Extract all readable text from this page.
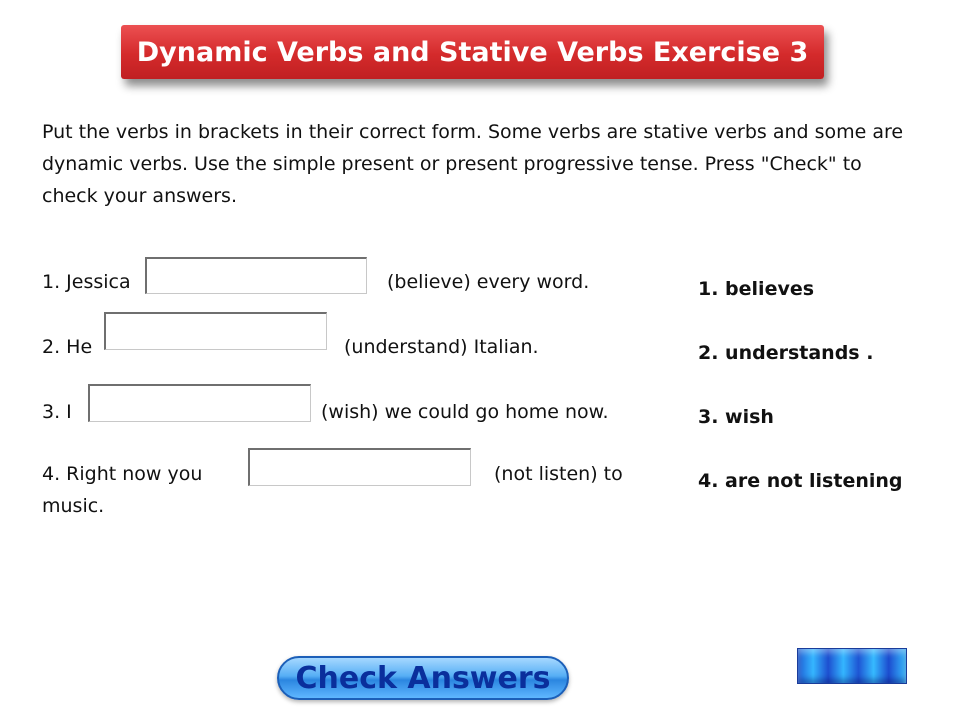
Dynamic Verbs and Stative Verbs Exercise 3

Put the verbs in brackets in their correct form. Some verbs are stative verbs and some are dynamic verbs. Use the simple present or present progressive tense. Press "Check" to check your answers.

1. Jessica	(believe) every word.
2. He	(understand) Italian.
3. I	(wish) we could go home now.
4. Right now you	(not listen) to
music.
1. believes
2. understands .
3. wish
4. are not listening
Check Answers
